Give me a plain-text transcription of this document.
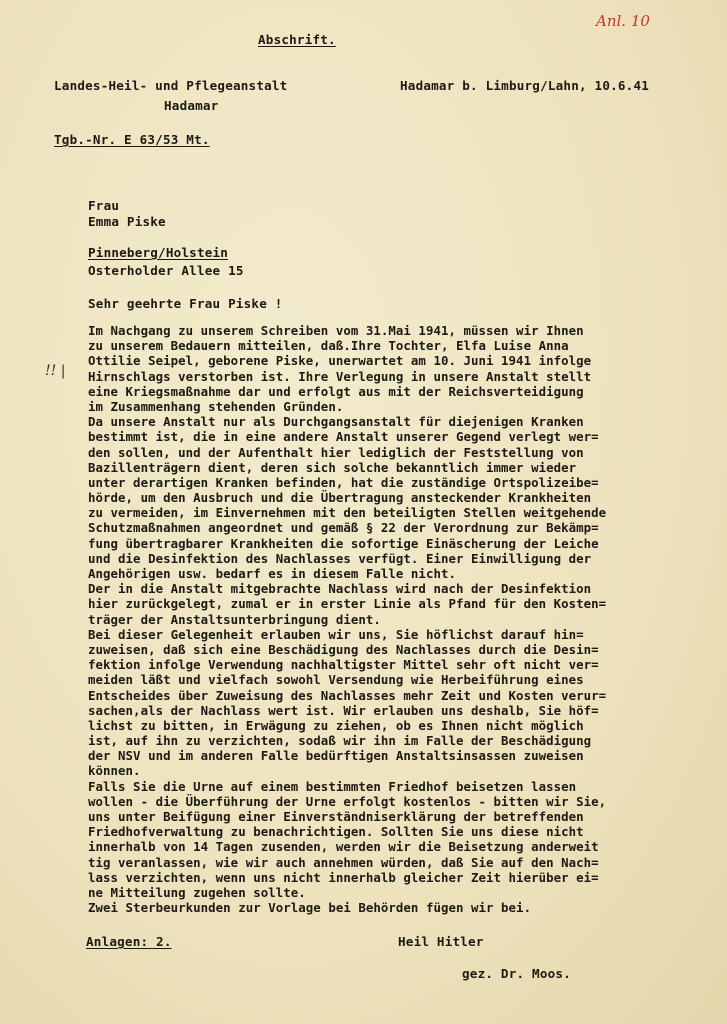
Anl. 10
Abschrift.
Landes-Heil- und Pflegeanstalt
Hadamar
Hadamar b. Limburg/Lahn, 10.6.41
Tgb.-Nr. E 63/53 Mt.
Frau
Emma Piske
Pinneberg/Holstein
Osterholder Allee 15
Sehr geehrte Frau Piske !
!! |
Im Nachgang zu unserem Schreiben vom 31.Mai 1941, müssen wir Ihnen
zu unserem Bedauern mitteilen, daß.Ihre Tochter, Elfa Luise Anna
Ottilie Seipel, geborene Piske, unerwartet am 10. Juni 1941 infolge
Hirnschlags verstorben ist. Ihre Verlegung in unsere Anstalt stellt
eine Kriegsmaßnahme dar und erfolgt aus mit der Reichsverteidigung
im Zusammenhang stehenden Gründen.
Da unsere Anstalt nur als Durchgangsanstalt für diejenigen Kranken
bestimmt ist, die in eine andere Anstalt unserer Gegend verlegt wer=
den sollen, und der Aufenthalt hier lediglich der Feststellung von
Bazillenträgern dient, deren sich solche bekanntlich immer wieder
unter derartigen Kranken befinden, hat die zuständige Ortspolizeibe=
hörde, um den Ausbruch und die Übertragung ansteckender Krankheiten
zu vermeiden, im Einvernehmen mit den beteiligten Stellen weitgehende
Schutzmaßnahmen angeordnet und gemäß § 22 der Verordnung zur Bekämp=
fung übertragbarer Krankheiten die sofortige Einäscherung der Leiche
und die Desinfektion des Nachlasses verfügt. Einer Einwilligung der
Angehörigen usw. bedarf es in diesem Falle nicht.
Der in die Anstalt mitgebrachte Nachlass wird nach der Desinfektion
hier zurückgelegt, zumal er in erster Linie als Pfand für den Kosten=
träger der Anstaltsunterbringung dient.
Bei dieser Gelegenheit erlauben wir uns, Sie höflichst darauf hin=
zuweisen, daß sich eine Beschädigung des Nachlasses durch die Desin=
fektion infolge Verwendung nachhaltigster Mittel sehr oft nicht ver=
meiden läßt und vielfach sowohl Versendung wie Herbeiführung eines
Entscheides über Zuweisung des Nachlasses mehr Zeit und Kosten verur=
sachen,als der Nachlass wert ist. Wir erlauben uns deshalb, Sie höf=
lichst zu bitten, in Erwägung zu ziehen, ob es Ihnen nicht möglich
ist, auf ihn zu verzichten, sodaß wir ihn im Falle der Beschädigung
der NSV und im anderen Falle bedürftigen Anstaltsinsassen zuweisen
können.
Falls Sie die Urne auf einem bestimmten Friedhof beisetzen lassen
wollen - die Überführung der Urne erfolgt kostenlos - bitten wir Sie,
uns unter Beifügung einer Einverständniserklärung der betreffenden
Friedhofverwaltung zu benachrichtigen. Sollten Sie uns diese nicht
innerhalb von 14 Tagen zusenden, werden wir die Beisetzung anderweit
tig veranlassen, wie wir auch annehmen würden, daß Sie auf den Nach=
lass verzichten, wenn uns nicht innerhalb gleicher Zeit hierüber ei=
ne Mitteilung zugehen sollte.
Zwei Sterbeurkunden zur Vorlage bei Behörden fügen wir bei.
Anlagen: 2.	Heil Hitler
gez. Dr. Moos.
